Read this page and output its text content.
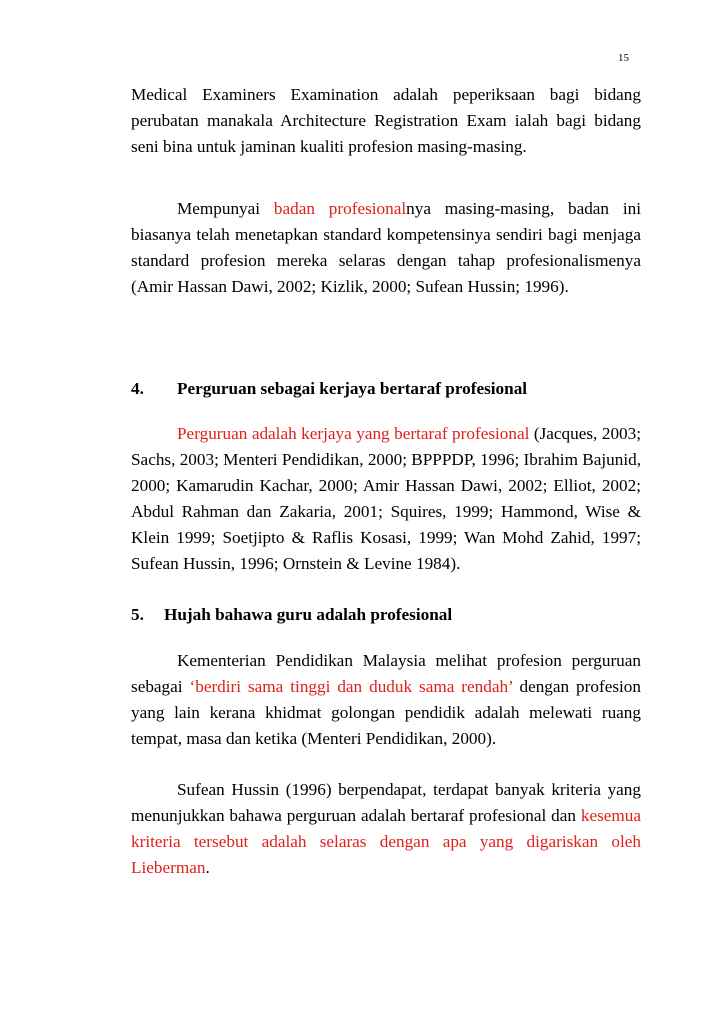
15

Medical Examiners Examination adalah peperiksaan bagi bidang perubatan manakala Architecture Registration Exam ialah bagi bidang seni bina untuk jaminan kualiti profesion masing-masing.

Mempunyai badan profesionalnya masing-masing, badan ini biasanya telah menetapkan standard kompetensinya sendiri bagi menjaga standard profesion mereka selaras dengan tahap profesionalismenya (Amir Hassan Dawi, 2002; Kizlik, 2000; Sufean Hussin; 1996).

4. Perguruan sebagai kerjaya bertaraf profesional

Perguruan adalah kerjaya yang bertaraf profesional (Jacques, 2003; Sachs, 2003; Menteri Pendidikan, 2000; BPPPDP, 1996; Ibrahim Bajunid, 2000; Kamarudin Kachar, 2000; Amir Hassan Dawi, 2002; Elliot, 2002; Abdul Rahman dan Zakaria, 2001; Squires, 1999; Hammond, Wise & Klein 1999; Soetjipto & Raflis Kosasi, 1999; Wan Mohd Zahid, 1997; Sufean Hussin, 1996; Ornstein & Levine 1984).

5. Hujah bahawa guru adalah profesional

Kementerian Pendidikan Malaysia melihat profesion perguruan sebagai ‘berdiri sama tinggi dan duduk sama rendah’ dengan profesion yang lain kerana khidmat golongan pendidik adalah melewati ruang tempat, masa dan ketika (Menteri Pendidikan, 2000).

Sufean Hussin (1996) berpendapat, terdapat banyak kriteria yang menunjukkan bahawa perguruan adalah bertaraf profesional dan kesemua kriteria tersebut adalah selaras dengan apa yang digariskan oleh Lieberman.
